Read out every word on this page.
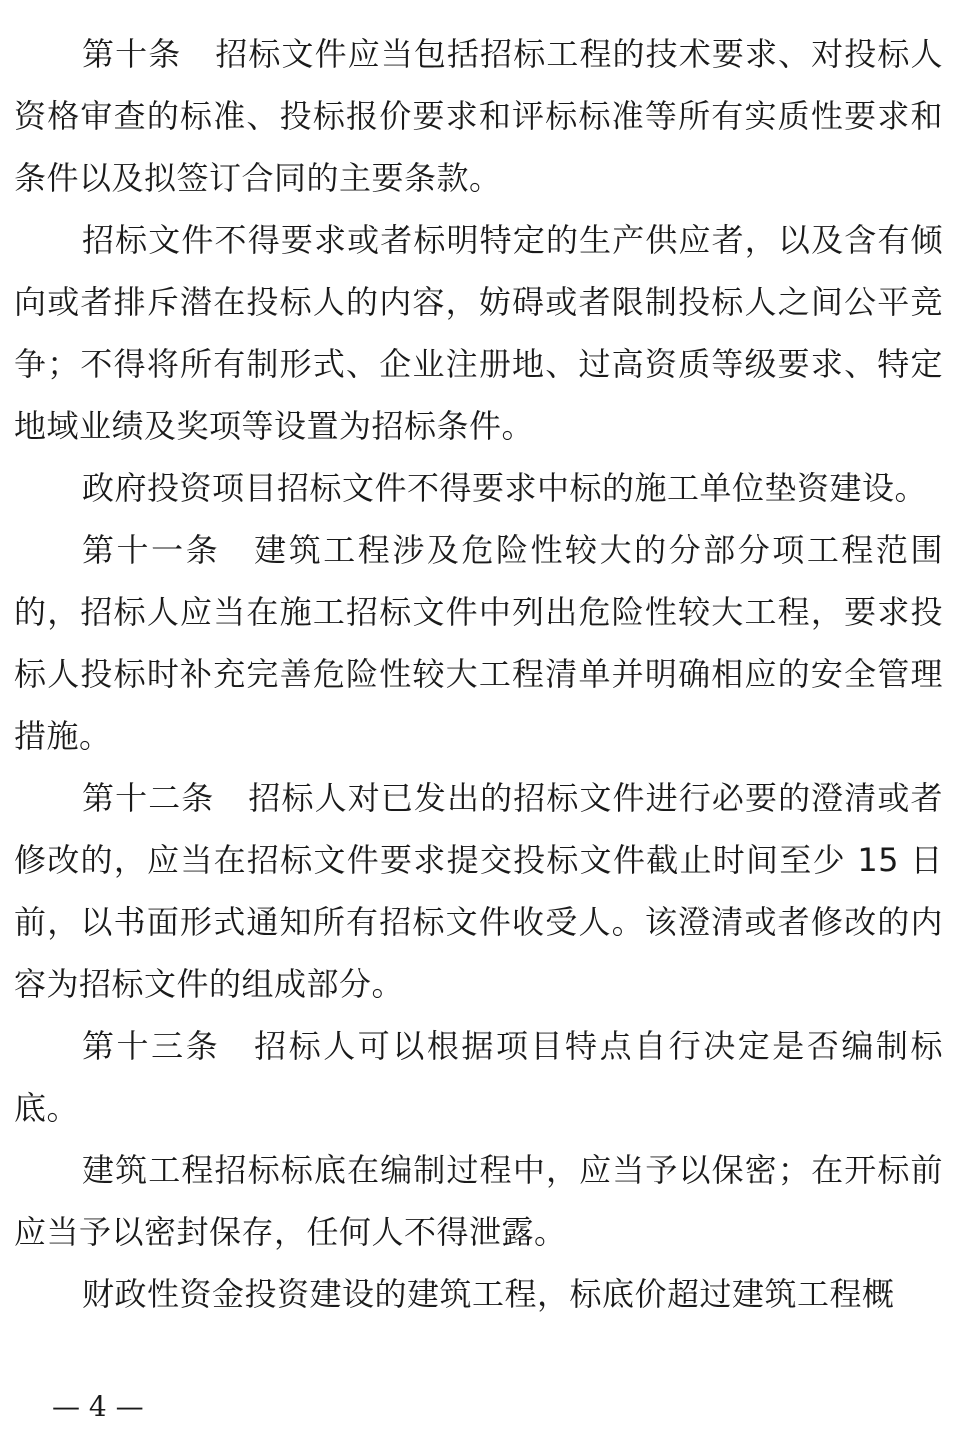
第十条 招标文件应当包括招标工程的技术要求、对投标人资格审查的标准、投标报价要求和评标标准等所有实质性要求和条件以及拟签订合同的主要条款。

招标文件不得要求或者标明特定的生产供应者，以及含有倾向或者排斥潜在投标人的内容，妨碍或者限制投标人之间公平竞争；不得将所有制形式、企业注册地、过高资质等级要求、特定地域业绩及奖项等设置为招标条件。

政府投资项目招标文件不得要求中标的施工单位垫资建设。

第十一条 建筑工程涉及危险性较大的分部分项工程范围的，招标人应当在施工招标文件中列出危险性较大工程，要求投标人投标时补充完善危险性较大工程清单并明确相应的安全管理措施。

第十二条 招标人对已发出的招标文件进行必要的澄清或者修改的，应当在招标文件要求提交投标文件截止时间至少 15 日前，以书面形式通知所有招标文件收受人。该澄清或者修改的内容为招标文件的组成部分。

第十三条 招标人可以根据项目特点自行决定是否编制标底。

建筑工程招标标底在编制过程中，应当予以保密；在开标前应当予以密封保存，任何人不得泄露。

财政性资金投资建设的建筑工程，标底价超过建筑工程概

— 4 —
